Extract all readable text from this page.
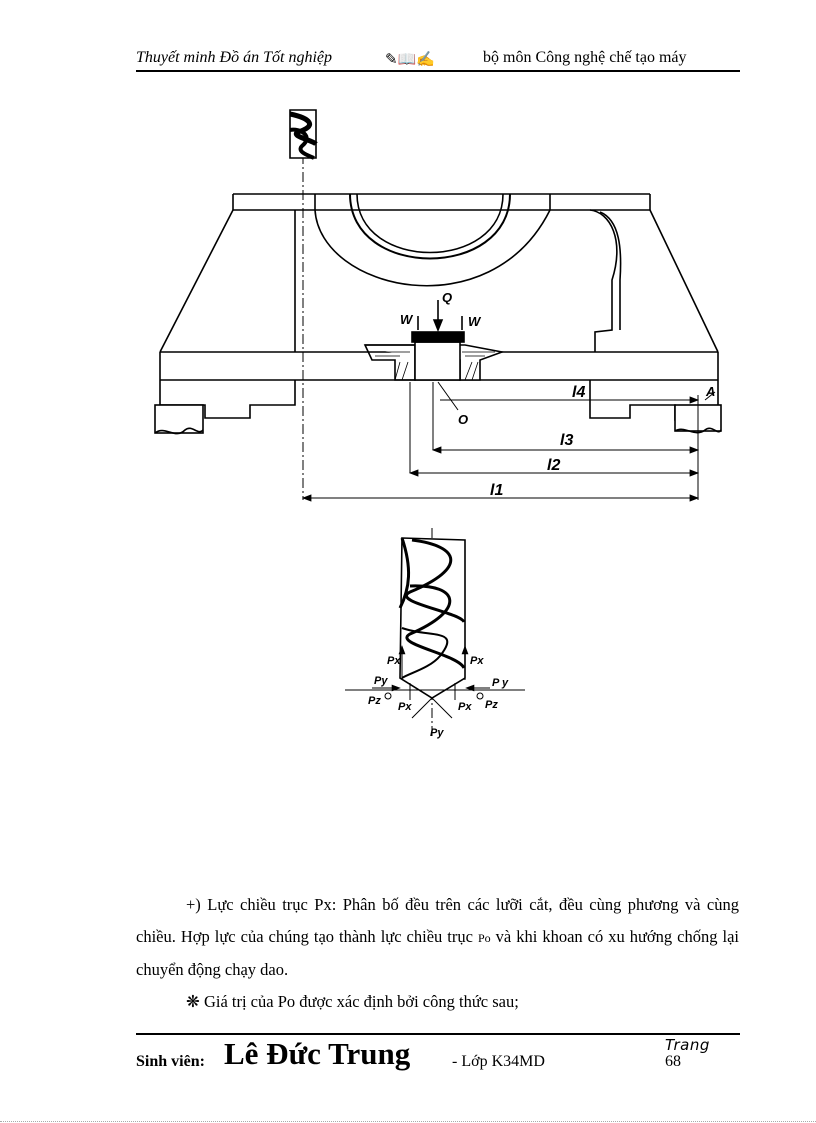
Thuyết minh Đồ án Tốt nghiệp	✎📖✍	bộ môn Công nghệ chế tạo máy
Q
W	W
O
A
l4
l3
l2
l1
Px	Px
Py	P y
Pz	Pz
Px	Px
Py
+) Lực chiều trục Px: Phân bố đều trên các lưỡi cắt, đều cùng phương và cùng chiều. Hợp lực của chúng tạo thành lực chiều trục Po và khi khoan có xu hướng chống lại chuyển động chạy dao.
❋ Giá trị của Po được xác định bởi công thức sau;
Sinh viên: Lê Đức Trung	- Lớp K34MD
Trang
68
